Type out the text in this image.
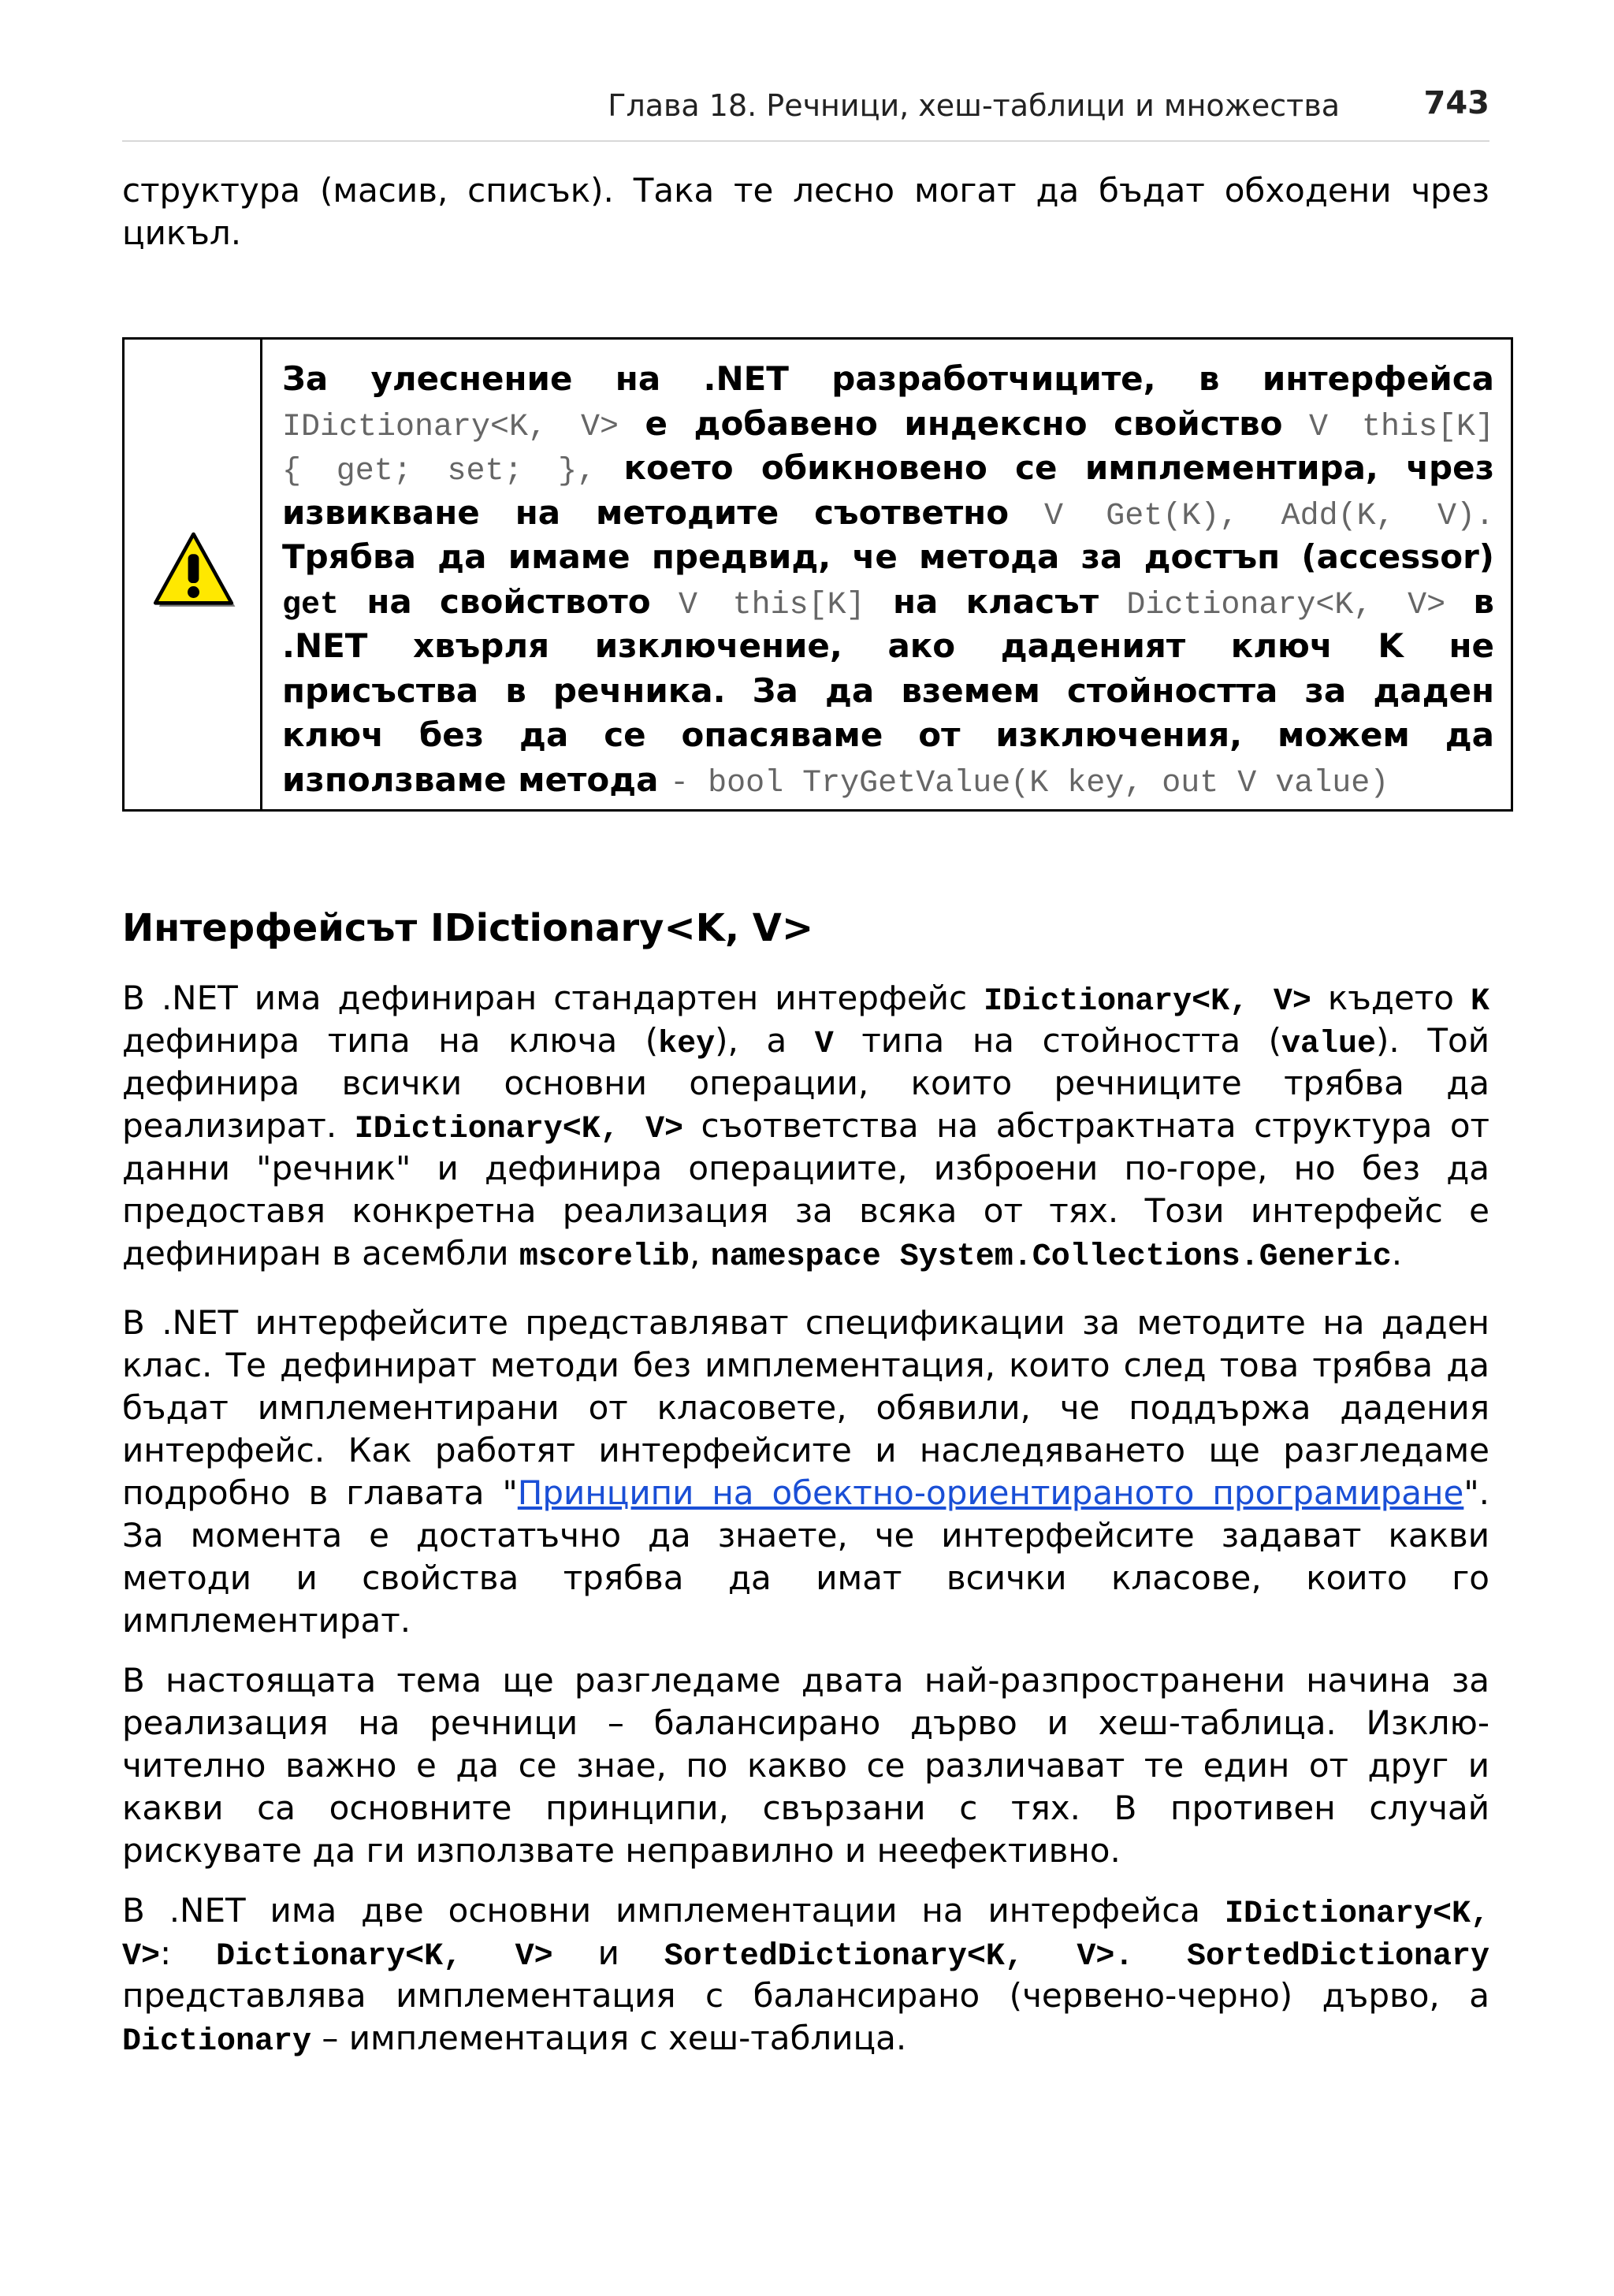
Глава 18. Речници, хеш-таблици и множества	743
структура (масив, списък). Така те лесно могат да бъдат обходени чрез
цикъл.
За улеснение на .NET разработчиците, в интерфейса
IDictionary<K, V> е добавено индексно свойство V this[K]
{ get; set; }, което обикновено се имплементира, чрез
извикване на методите съответно V Get(K), Add(K, V).
Трябва да имаме предвид, че метода за достъп (accessor)
get на свойството V this[K] на класът Dictionary<K, V> в
.NET хвърля изключение, ако даденият ключ K не
присъства в речника. За да вземем стойността за даден
ключ без да се опасяваме от изключения, можем да
използваме метода - bool TryGetValue(K key, out V value)
Интерфейсът IDictionary<K, V>
В .NET има дефиниран стандартен интерфейс IDictionary<K, V> където K
дефинира типа на ключа (key), а V типа на стойността (value). Той
дефинира всички основни операции, които речниците трябва да
реализират. IDictionary<K, V> съответства на абстрактната структура от
данни "речник" и дефинира операциите, изброени по-горе, но без да
предоставя конкретна реализация за всяка от тях. Този интерфейс е
дефиниран в асембли mscorelib, namespace System.Collections.Generic.
В .NET интерфейсите представляват спецификации за методите на даден
клас. Те дефинират методи без имплементация, които след това трябва да
бъдат имплементирани от класовете, обявили, че поддържа дадения
интерфейс. Как работят интерфейсите и наследяването ще разгледаме
подробно в главата "Принципи на обектно-ориентираното програмиране".
За момента е достатъчно да знаете, че интерфейсите задават какви
методи и свойства трябва да имат всички класове, които го
имплементират.
В настоящата тема ще разгледаме двата най-разпространени начина за
реализация на речници – балансирано дърво и хеш-таблица. Изклю-
чително важно е да се знае, по какво се различават те един от друг и
какви са основните принципи, свързани с тях. В противен случай
рискувате да ги използвате неправилно и неефективно.
В .NET има две основни имплементации на интерфейса IDictionary<K,
V>: Dictionary<K, V> и SortedDictionary<K, V>. SortedDictionary
представлява имплементация с балансирано (червено-черно) дърво, а
Dictionary – имплементация с хеш-таблица.
